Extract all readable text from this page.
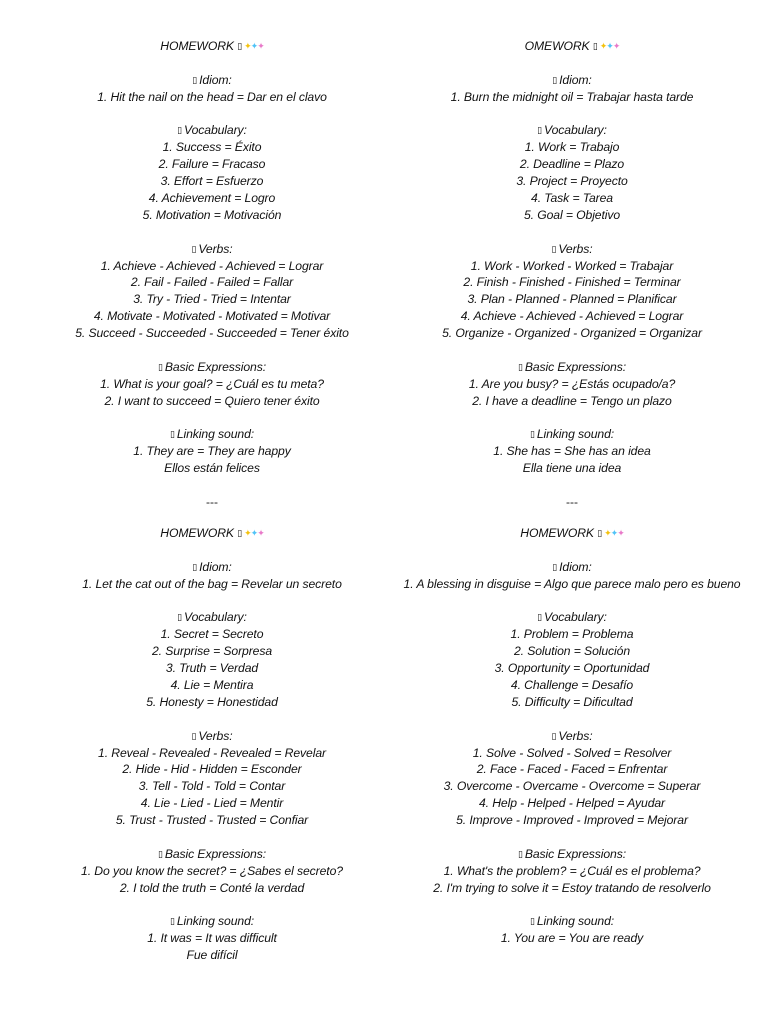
HOMEWORK ▯ ✦✦✦
▯ Idiom:
1. Hit the nail on the head = Dar en el clavo
▯ Vocabulary:
1. Success = Éxito
2. Failure = Fracaso
3. Effort = Esfuerzo
4. Achievement = Logro
5. Motivation = Motivación
▯ Verbs:
1. Achieve - Achieved - Achieved = Lograr
2. Fail - Failed - Failed = Fallar
3. Try - Tried - Tried = Intentar
4. Motivate - Motivated - Motivated = Motivar
5. Succeed - Succeeded - Succeeded = Tener éxito
▯ Basic Expressions:
1. What is your goal? = ¿Cuál es tu meta?
2. I want to succeed = Quiero tener éxito
▯ Linking sound:
1. They are = They are happy
Ellos están felices
---
OMEWORK ▯ ✦✦✦
▯ Idiom:
1. Burn the midnight oil = Trabajar hasta tarde
▯ Vocabulary:
1. Work = Trabajo
2. Deadline = Plazo
3. Project = Proyecto
4. Task = Tarea
5. Goal = Objetivo
▯ Verbs:
1. Work - Worked - Worked = Trabajar
2. Finish - Finished - Finished = Terminar
3. Plan - Planned - Planned = Planificar
4. Achieve - Achieved - Achieved = Lograr
5. Organize - Organized - Organized = Organizar
▯ Basic Expressions:
1. Are you busy? = ¿Estás ocupado/a?
2. I have a deadline = Tengo un plazo
▯ Linking sound:
1. She has = She has an idea
Ella tiene una idea
---
HOMEWORK ▯ ✦✦✦
▯ Idiom:
1. Let the cat out of the bag = Revelar un secreto
▯ Vocabulary:
1. Secret = Secreto
2. Surprise = Sorpresa
3. Truth = Verdad
4. Lie = Mentira
5. Honesty = Honestidad
▯ Verbs:
1. Reveal - Revealed - Revealed = Revelar
2. Hide - Hid - Hidden = Esconder
3. Tell - Told - Told = Contar
4. Lie - Lied - Lied = Mentir
5. Trust - Trusted - Trusted = Confiar
▯ Basic Expressions:
1. Do you know the secret? = ¿Sabes el secreto?
2. I told the truth = Conté la verdad
▯ Linking sound:
1. It was = It was difficult
Fue difícil
HOMEWORK ▯ ✦✦✦
▯ Idiom:
1. A blessing in disguise = Algo que parece malo pero es bueno
▯ Vocabulary:
1. Problem = Problema
2. Solution = Solución
3. Opportunity = Oportunidad
4. Challenge = Desafío
5. Difficulty = Dificultad
▯ Verbs:
1. Solve - Solved - Solved = Resolver
2. Face - Faced - Faced = Enfrentar
3. Overcome - Overcame - Overcome = Superar
4. Help - Helped - Helped = Ayudar
5. Improve - Improved - Improved = Mejorar
▯ Basic Expressions:
1. What's the problem? = ¿Cuál es el problema?
2. I'm trying to solve it = Estoy tratando de resolverlo
▯ Linking sound:
1. You are = You are ready
